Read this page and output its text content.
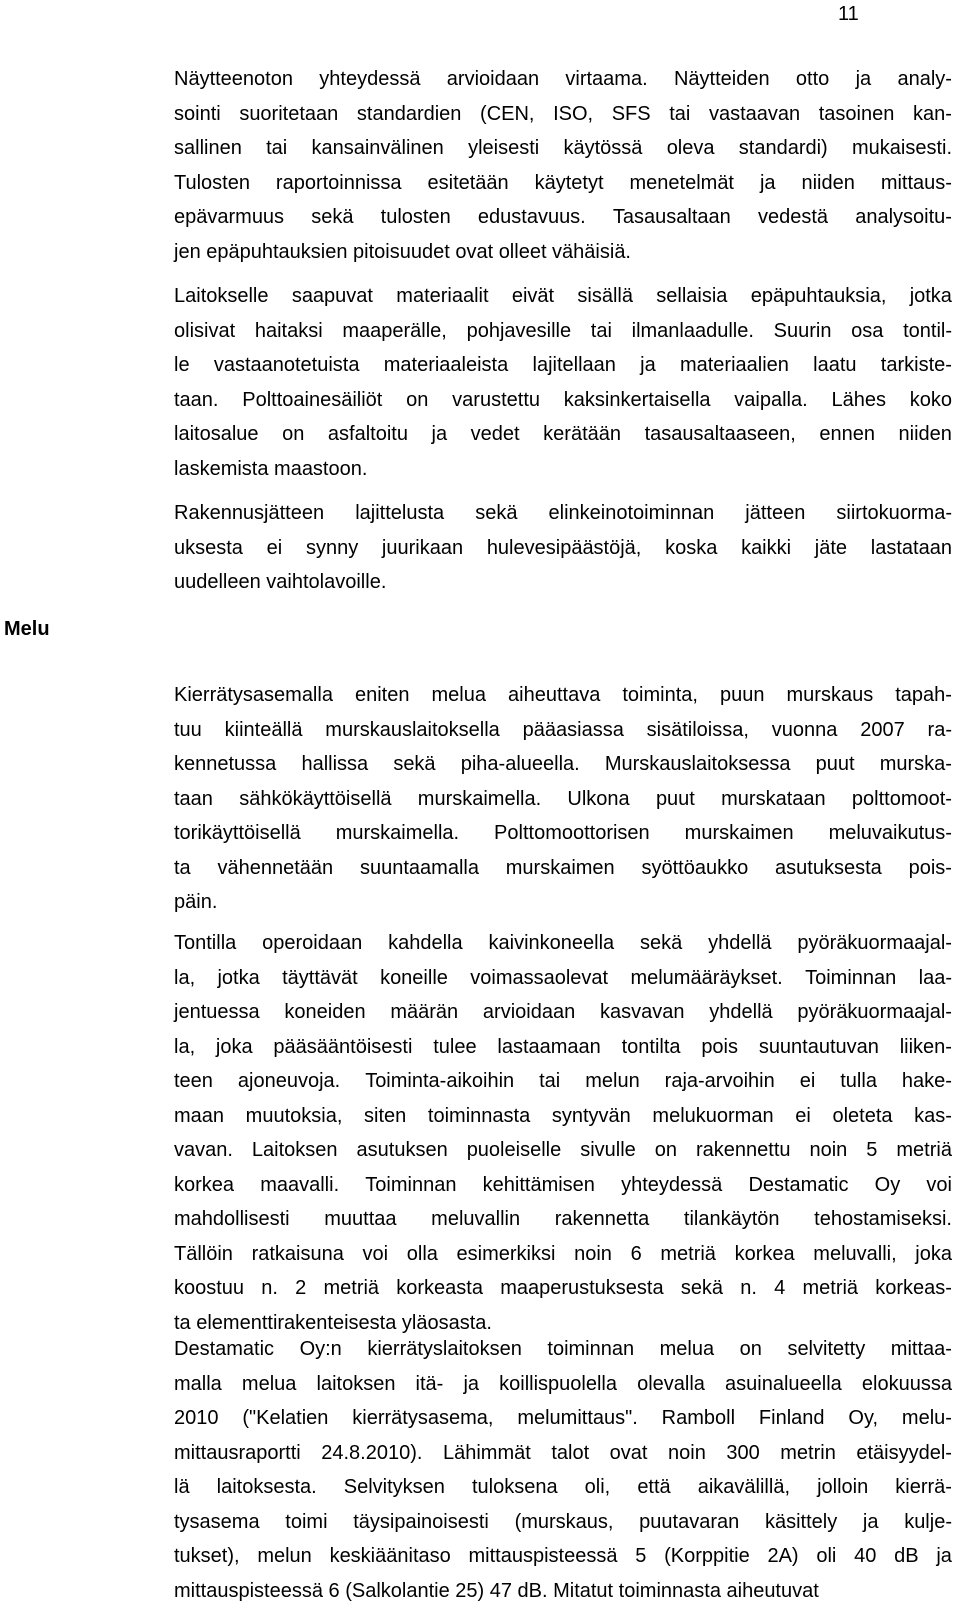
11
Melu
Näytteenoton yhteydessä arvioidaan virtaama. Näytteiden otto ja analy-
sointi suoritetaan standardien (CEN, ISO, SFS tai vastaavan tasoinen kan-
sallinen tai kansainvälinen yleisesti käytössä oleva standardi) mukaisesti.
Tulosten raportoinnissa esitetään käytetyt menetelmät ja niiden mittaus-
epävarmuus sekä tulosten edustavuus. Tasausaltaan vedestä analysoitu-
jen epäpuhtauksien pitoisuudet ovat olleet vähäisiä.
Laitokselle saapuvat materiaalit eivät sisällä sellaisia epäpuhtauksia, jotka
olisivat haitaksi maaperälle, pohjavesille tai ilmanlaadulle. Suurin osa tontil-
le vastaanotetuista materiaaleista lajitellaan ja materiaalien laatu tarkiste-
taan. Polttoainesäiliöt on varustettu kaksinkertaisella vaipalla. Lähes koko
laitosalue on asfaltoitu ja vedet kerätään tasausaltaaseen, ennen niiden
laskemista maastoon.
Rakennusjätteen lajittelusta sekä elinkeinotoiminnan jätteen siirtokuorma-
uksesta ei synny juurikaan hulevesipäästöjä, koska kaikki jäte lastataan
uudelleen vaihtolavoille.
Kierrätysasemalla eniten melua aiheuttava toiminta, puun murskaus tapah-
tuu kiinteällä murskauslaitoksella pääasiassa sisätiloissa, vuonna 2007 ra-
kennetussa hallissa sekä piha-alueella. Murskauslaitoksessa puut murska-
taan sähkökäyttöisellä murskaimella. Ulkona puut murskataan polttomoot-
torikäyttöisellä murskaimella. Polttomoottorisen murskaimen meluvaikutus-
ta vähennetään suuntaamalla murskaimen syöttöaukko asutuksesta pois-
päin.
Tontilla operoidaan kahdella kaivinkoneella sekä yhdellä pyöräkuormaajal-
la, jotka täyttävät koneille voimassaolevat melumääräykset. Toiminnan laa-
jentuessa koneiden määrän arvioidaan kasvavan yhdellä pyöräkuormaajal-
la, joka pääsääntöisesti tulee lastaamaan tontilta pois suuntautuvan liiken-
teen ajoneuvoja. Toiminta-aikoihin tai melun raja-arvoihin ei tulla hake-
maan muutoksia, siten toiminnasta syntyvän melukuorman ei oleteta kas-
vavan. Laitoksen asutuksen puoleiselle sivulle on rakennettu noin 5 metriä
korkea maavalli. Toiminnan kehittämisen yhteydessä Destamatic Oy voi
mahdollisesti muuttaa meluvallin rakennetta tilankäytön tehostamiseksi.
Tällöin ratkaisuna voi olla esimerkiksi noin 6 metriä korkea meluvalli, joka
koostuu n. 2 metriä korkeasta maaperustuksesta sekä n. 4 metriä korkeas-
ta elementtirakenteisesta yläosasta.
Destamatic Oy:n kierrätyslaitoksen toiminnan melua on selvitetty mittaa-
malla melua laitoksen itä- ja koillispuolella olevalla asuinalueella elokuussa
2010 ("Kelatien kierrätysasema, melumittaus". Ramboll Finland Oy, melu-
mittausraportti 24.8.2010). Lähimmät talot ovat noin 300 metrin etäisyydel-
lä laitoksesta. Selvityksen tuloksena oli, että aikavälillä, jolloin kierrä-
tysasema toimi täysipainoisesti (murskaus, puutavaran käsittely ja kulje-
tukset), melun keskiäänitaso mittauspisteessä 5 (Korppitie 2A) oli 40 dB ja
mittauspisteessä 6 (Salkolantie 25) 47 dB. Mitatut toiminnasta aiheutuvat
